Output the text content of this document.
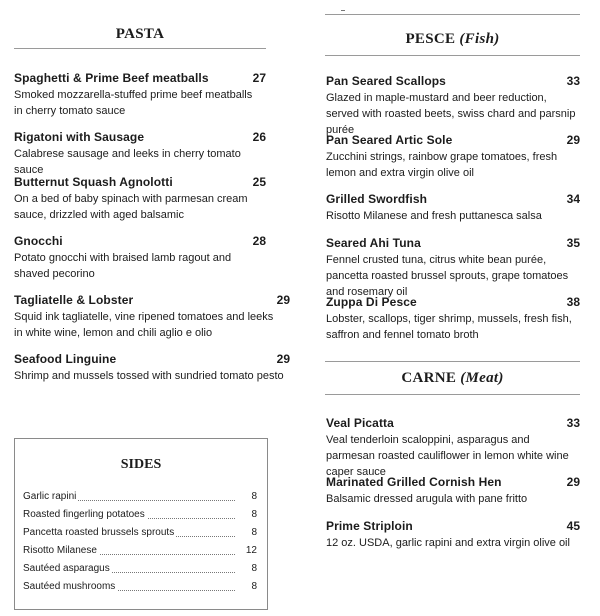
PASTA
Spaghetti & Prime Beef meatballs	27
Smoked mozzarella-stuffed prime beef meatballs in cherry tomato sauce
Rigatoni with Sausage	26
Calabrese sausage and leeks in cherry tomato sauce
Butternut Squash Agnolotti	25
On a bed of baby spinach with parmesan cream sauce, drizzled with aged balsamic
Gnocchi	28
Potato gnocchi with braised lamb ragout and shaved pecorino
Tagliatelle & Lobster	29
Squid ink tagliatelle, vine ripened tomatoes and leeks in white wine, lemon and chili aglio e olio
Seafood Linguine	29
Shrimp and mussels tossed with sundried tomato pesto
SIDES
Garlic rapini	8
Roasted fingerling potatoes	8
Pancetta roasted brussels sprouts	8
Risotto Milanese	12
Sautéed asparagus	8
Sautéed mushrooms	8
PESCE (Fish)
Pan Seared Scallops	33
Glazed in maple-mustard and beer reduction, served with roasted beets, swiss chard and parsnip purée
Pan Seared Artic Sole	29
Zucchini strings, rainbow grape tomatoes, fresh lemon and extra virgin olive oil
Grilled Swordfish	34
Risotto Milanese and fresh puttanesca salsa
Seared Ahi Tuna	35
Fennel crusted tuna, citrus white bean purée, pancetta roasted brussel sprouts, grape tomatoes and rosemary oil
Zuppa Di Pesce	38
Lobster, scallops, tiger shrimp, mussels, fresh fish, saffron and fennel tomato broth
CARNE (Meat)
Veal Picatta	33
Veal tenderloin scaloppini, asparagus and parmesan roasted cauliflower in lemon white wine caper sauce
Marinated Grilled Cornish Hen	29
Balsamic dressed arugula with pane fritto
Prime Striploin	45
12 oz. USDA, garlic rapini and extra virgin olive oil
